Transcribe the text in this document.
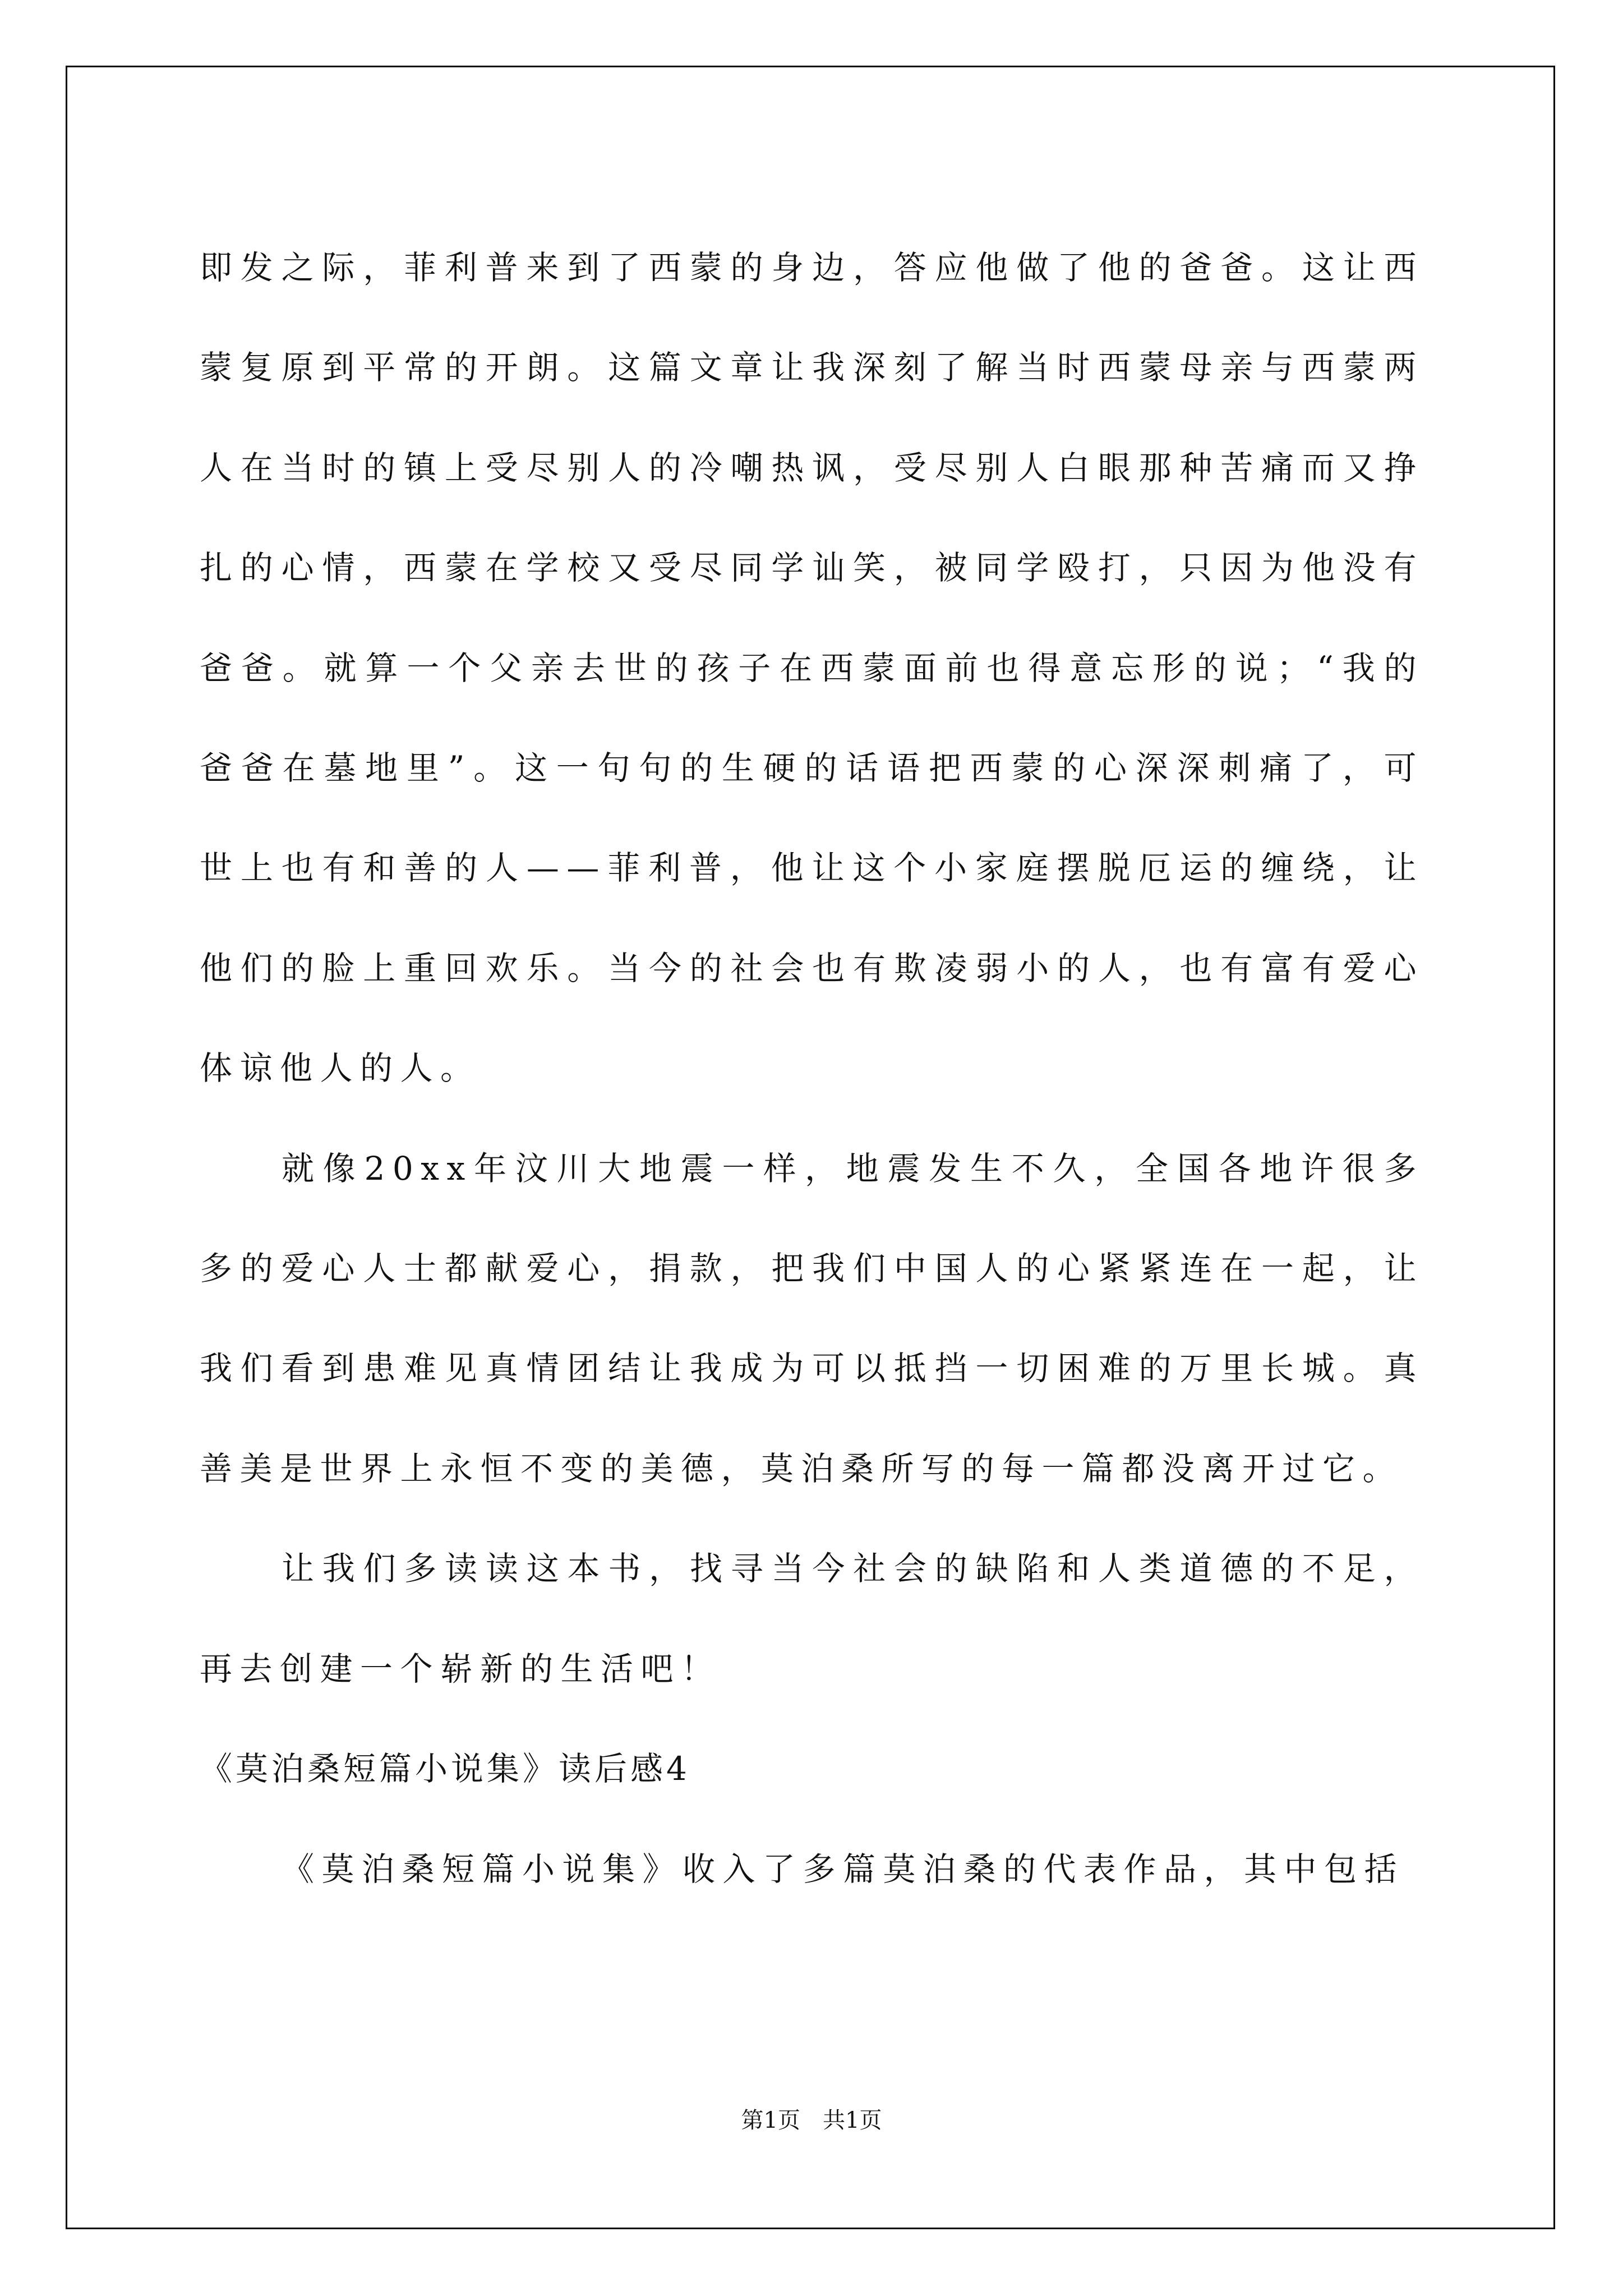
即发之际，菲利普来到了西蒙的身边，答应他做了他的爸爸。这让西蒙复原到平常的开朗。这篇文章让我深刻了解当时西蒙母亲与西蒙两人在当时的镇上受尽别人的冷嘲热讽，受尽别人白眼那种苦痛而又挣扎的心情，西蒙在学校又受尽同学讪笑，被同学殴打，只因为他没有爸爸。就算一个父亲去世的孩子在西蒙面前也得意忘形的说；“我的爸爸在墓地里”。这一句句的生硬的话语把西蒙的心深深刺痛了，可世上也有和善的人——菲利普，他让这个小家庭摆脱厄运的缠绕，让他们的脸上重回欢乐。当今的社会也有欺凌弱小的人，也有富有爱心体谅他人的人。

就像20xx年汶川大地震一样，地震发生不久，全国各地许很多多的爱心人士都献爱心，捐款，把我们中国人的心紧紧连在一起，让我们看到患难见真情团结让我成为可以抵挡一切困难的万里长城。真善美是世界上永恒不变的美德，莫泊桑所写的每一篇都没离开过它。

让我们多读读这本书，找寻当今社会的缺陷和人类道德的不足，再去创建一个崭新的生活吧！

《莫泊桑短篇小说集》读后感4

《莫泊桑短篇小说集》收入了多篇莫泊桑的代表作品，其中包括

第1页　共1页
